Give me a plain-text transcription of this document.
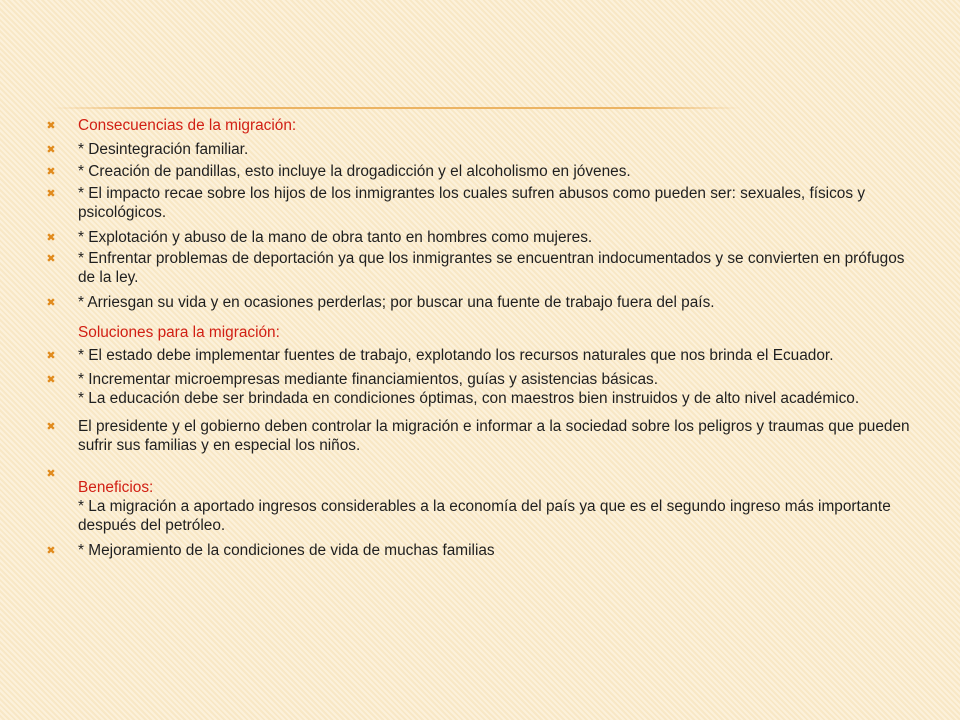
✖ Consecuencias de la migración:
✖ * Desintegración familiar.
✖ * Creación de pandillas, esto incluye la drogadicción y el alcoholismo en jóvenes.
✖ * El impacto recae sobre los hijos de los inmigrantes los cuales sufren abusos como pueden ser: sexuales, físicos y psicológicos.
✖ * Explotación y abuso de la mano de obra tanto en hombres como mujeres.
✖ * Enfrentar problemas de deportación ya que los inmigrantes se encuentran indocumentados y se convierten en prófugos de la ley.
✖ * Arriesgan su vida y en ocasiones perderlas; por buscar una fuente de trabajo fuera del país.
Soluciones para la migración:
✖ * El estado debe implementar fuentes de trabajo, explotando los recursos naturales que nos brinda el Ecuador.
✖ * Incrementar microempresas mediante financiamientos, guías y asistencias básicas.
* La educación debe ser brindada en condiciones óptimas, con maestros bien instruidos y de alto nivel académico.
✖ El presidente y el gobierno deben controlar la migración e informar a la sociedad sobre los peligros y traumas que pueden sufrir sus familias y en especial los niños.
✖
Beneficios:
* La migración a aportado ingresos considerables a la economía del país ya que es el segundo ingreso más importante después del petróleo.
✖ * Mejoramiento de la condiciones de vida de muchas familias
